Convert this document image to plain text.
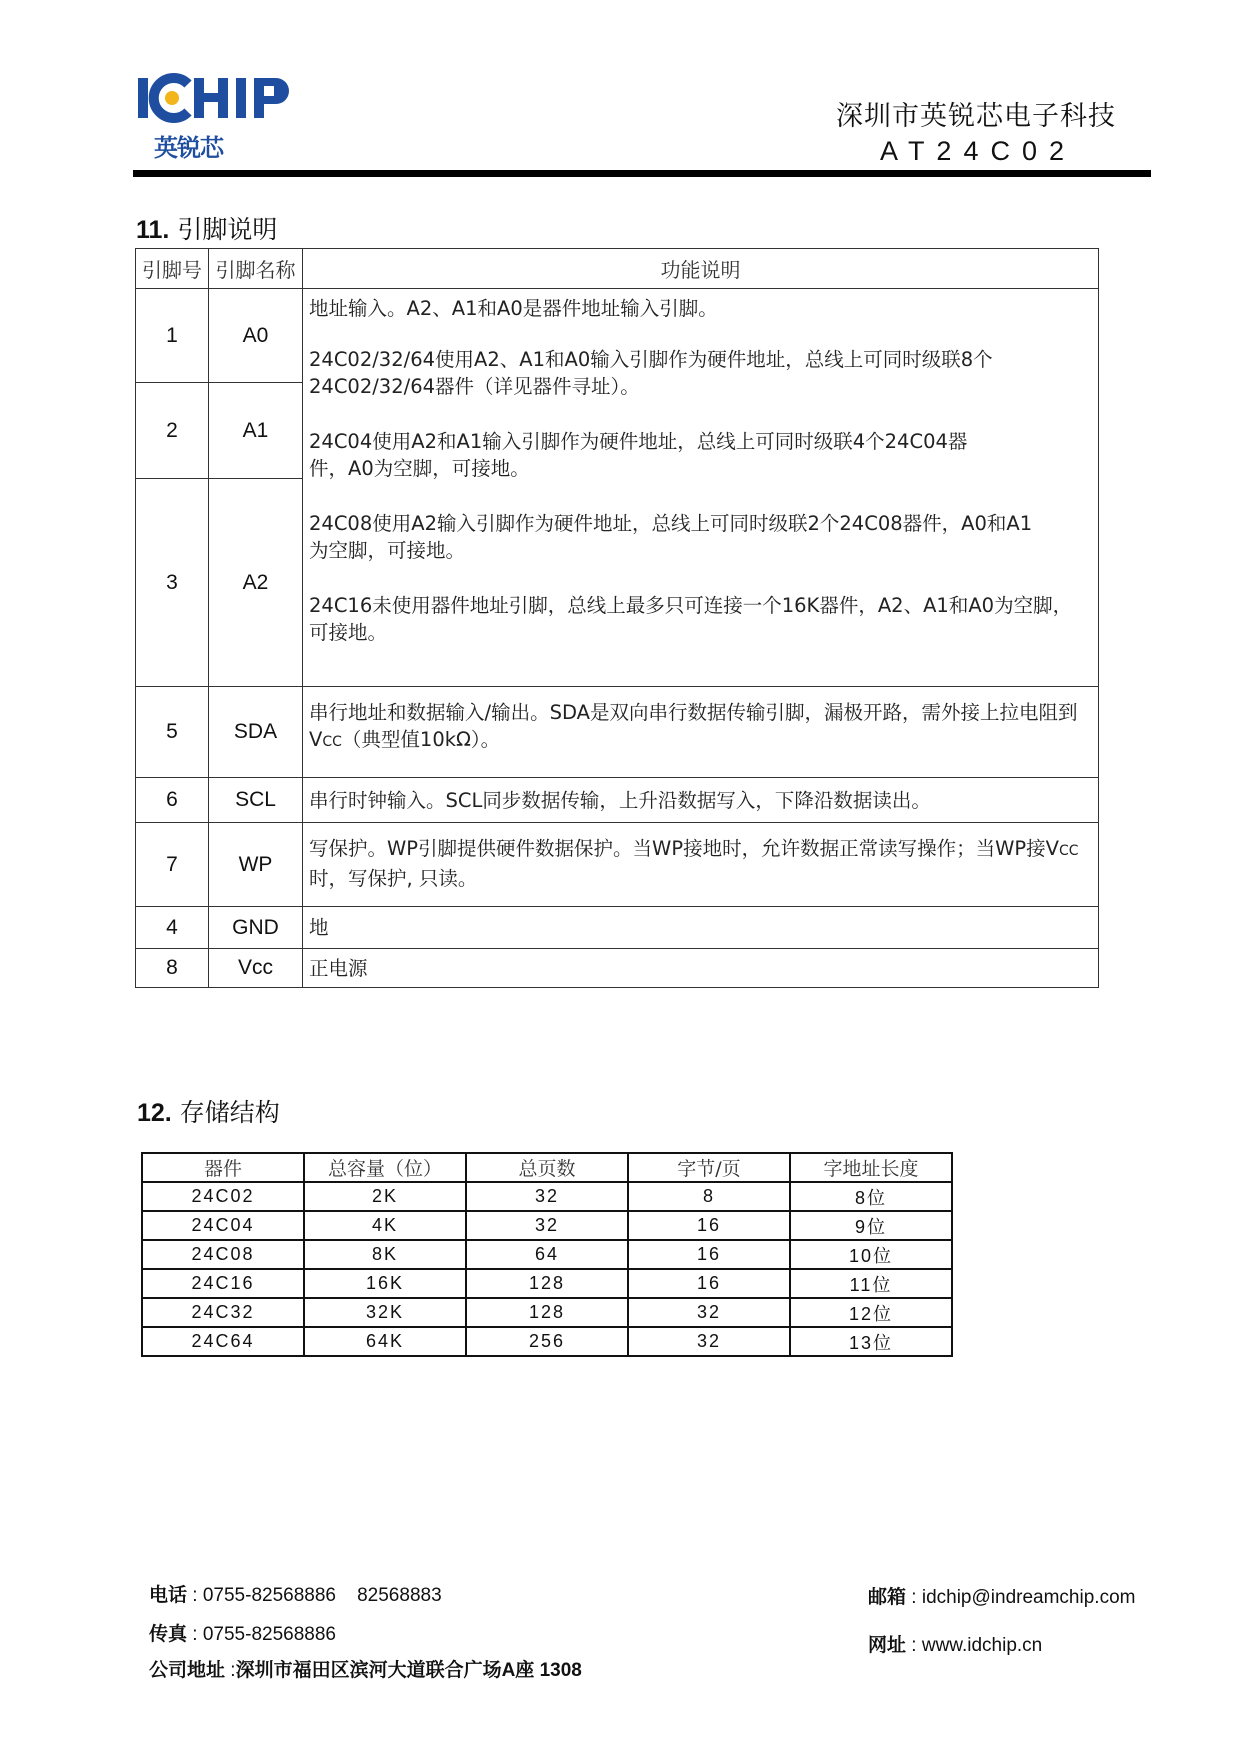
英锐芯
深圳市英锐芯电子科技
AT24C02
11. 引脚说明
引脚号	引脚名称	功能说明
1	A0	地址输入。A2、A1和A0是器件地址输入引脚。

24C02/32/64使用A2、A1和A0输入引脚作为硬件地址，总线上可同时级联8个24C02/32/64器件（详见器件寻址）。

24C04使用A2和A1输入引脚作为硬件地址，总线上可同时级联4个24C04器件，A0为空脚，可接地。

24C08使用A2输入引脚作为硬件地址，总线上可同时级联2个24C08器件，A0和A1为空脚，可接地。

24C16未使用器件地址引脚，总线上最多只可连接一个16K器件，A2、A1和A0为空脚，可接地。

2	A1	
3	A2	
5	SDA	串行地址和数据输入/输出。SDA是双向串行数据传输引脚，漏极开路，需外接上拉电阻到VCC（典型值10kΩ）。
6	SCL	串行时钟输入。SCL同步数据传输，上升沿数据写入，下降沿数据读出。
7	WP	写保护。WP引脚提供硬件数据保护。当WP接地时，允许数据正常读写操作；当WP接VCC时，写保护, 只读。
4	GND	地
8	Vcc	正电源
12. 存储结构
器件	总容量（位）	总页数	字节/页	字地址长度
24C02	2K	32	8	8位
24C04	4K	32	16	9位
24C08	8K	64	16	10位
24C16	16K	128	16	11位
24C32	32K	128	32	12位
24C64	64K	256	32	13位
电话 : 0755-82568886    82568883
传真 : 0755-82568886
公司地址 :深圳市福田区滨河大道联合广场A座 1308
邮箱 : idchip@indreamchip.com
网址 : www.idchip.cn
